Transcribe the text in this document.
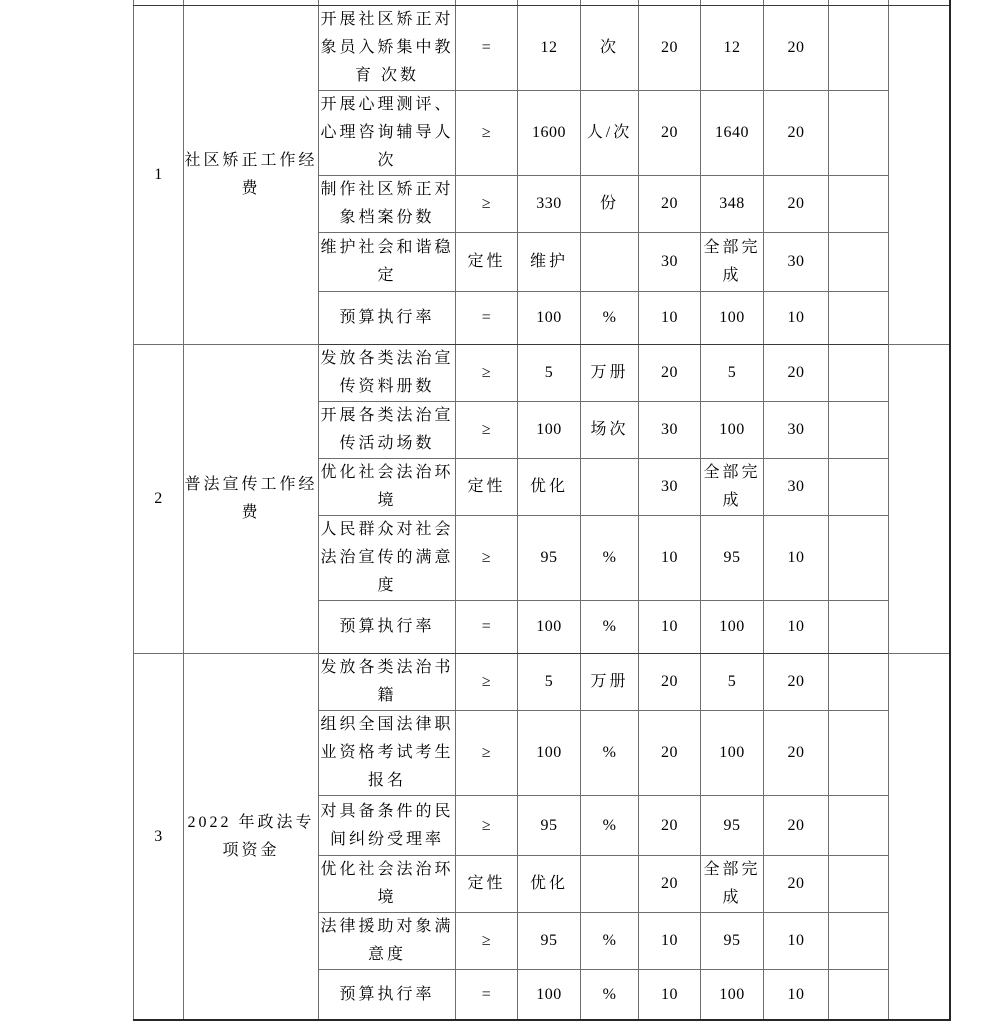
1	社区矫正工作经费	开展社区矫正对象员入矫集中教育 次数	=	12	次	20	12	20		
		开展心理测评、心理咨询辅导人次	≥	1600	人/次	20	1640	20		
		制作社区矫正对象档案份数	≥	330	份	20	348	20		
		维护社会和谐稳定	定性	维护		30	全部完成	30		
		预算执行率	=	100	%	10	100	10		
2	普法宣传工作经费	发放各类法治宣传资料册数	≥	5	万册	20	5	20		
		开展各类法治宣传活动场数	≥	100	场次	30	100	30		
		优化社会法治环境	定性	优化		30	全部完成	30		
		人民群众对社会法治宣传的满意度	≥	95	%	10	95	10		
		预算执行率	=	100	%	10	100	10		
3	2022 年政法专项资金	发放各类法治书籍	≥	5	万册	20	5	20		
		组织全国法律职业资格考试考生报名	≥	100	%	20	100	20		
		对具备条件的民间纠纷受理率	≥	95	%	20	95	20		
		优化社会法治环境	定性	优化		20	全部完成	20		
		法律援助对象满意度	≥	95	%	10	95	10		
		预算执行率	=	100	%	10	100	10		
